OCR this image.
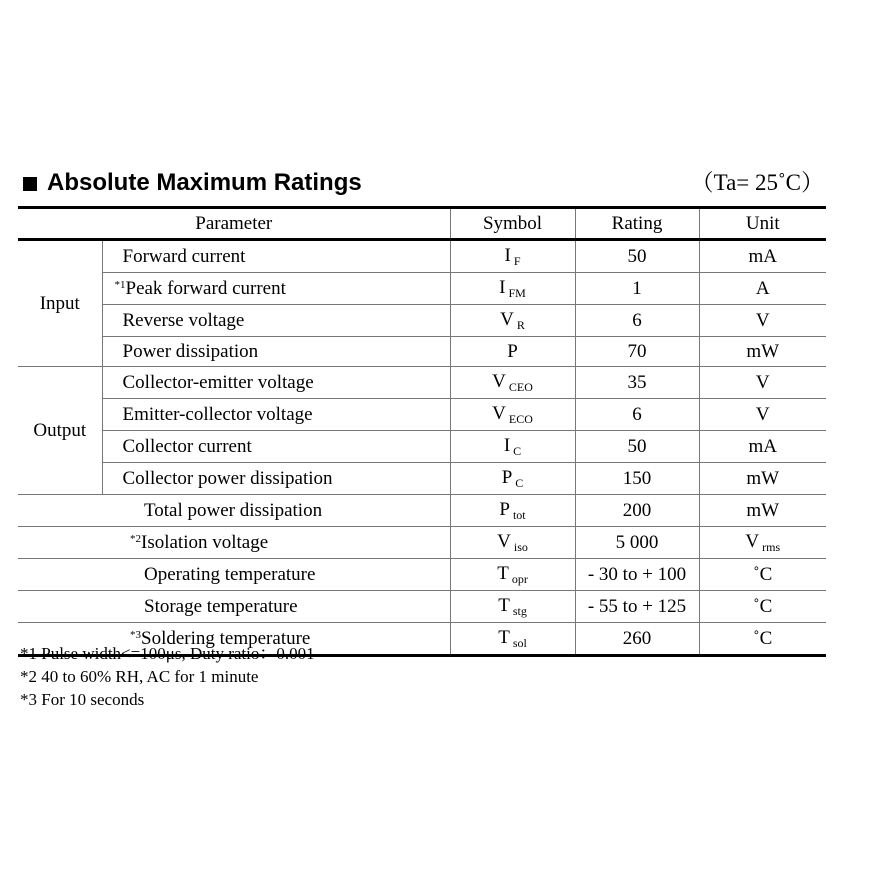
Absolute Maximum Ratings	（Ta= 25˚C）
Parameter		Symbol	Rating	Unit
Input	Forward current	I $_F$	50	mA
	$^{*1}$Peak forward current	I $_{FM}$	1	A
	Reverse voltage	V $_R$	6	V
	Power dissipation	P	70	mW
Output	Collector-emitter voltage	V $_{CEO}$	35	V
	Emitter-collector voltage	V $_{ECO}$	6	V
	Collector current	I $_C$	50	mA
	Collector power dissipation	P $_C$	150	mW
Total power dissipation		P $_{tot}$	200	mW
$^{*2}$Isolation voltage		V $_{iso}$	5 000	V $_{rms}$
Operating temperature		T $_{opr}$	- 30 to + 100	˚C
Storage temperature		T $_{stg}$	- 55 to + 125	˚C
$^{*3}$Soldering temperature		T $_{sol}$	260	˚C
*1 Pulse width<=100μs, Duty ratio：0.001
*2 40 to 60% RH, AC for 1 minute
*3 For 10 seconds
